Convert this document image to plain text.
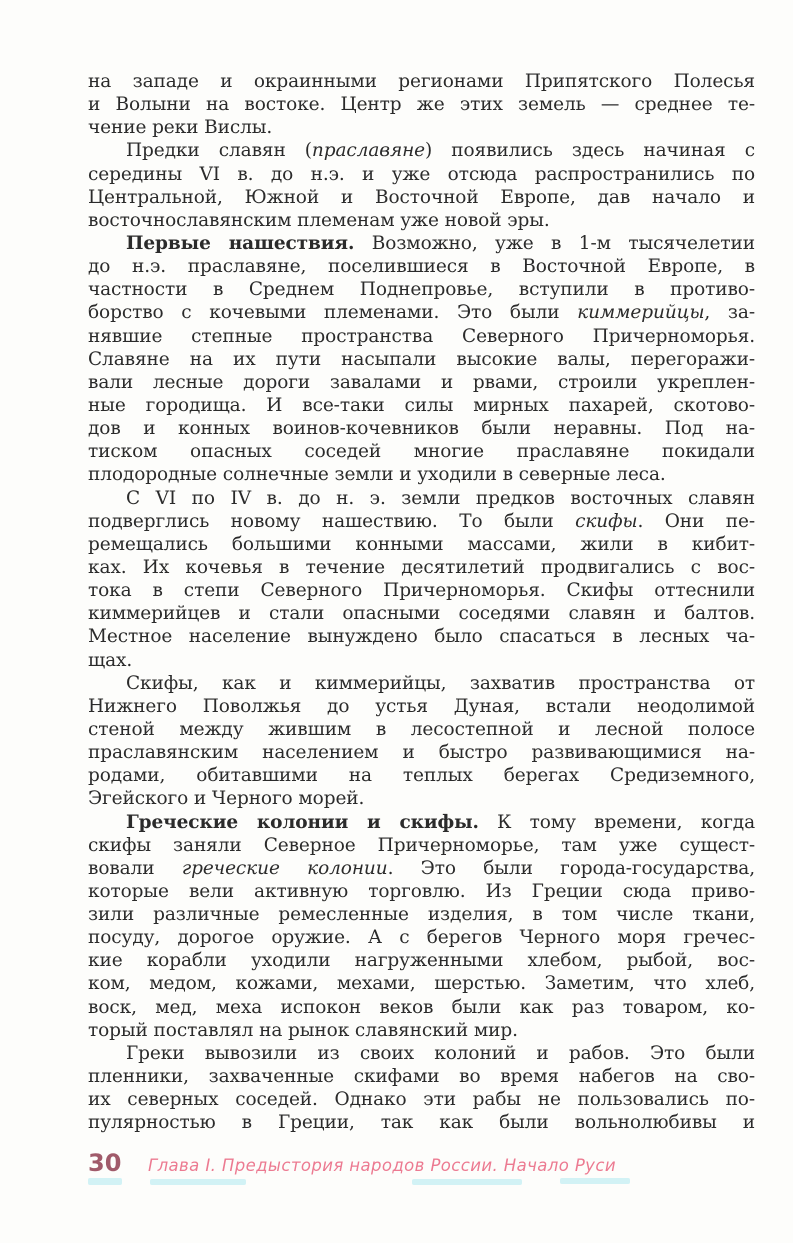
на западе и окраинными регионами Припятского Полесья
и Волыни на востоке. Центр же этих земель — среднее те-
чение реки Вислы.
Предки славян (праславяне) появились здесь начиная с
середины VI в. до н.э. и уже отсюда распространились по
Центральной, Южной и Восточной Европе, дав начало и
восточнославянским племенам уже новой эры.
Первые нашествия. Возможно, уже в 1-м тысячелетии
до н.э. праславяне, поселившиеся в Восточной Европе, в
частности в Среднем Поднепровье, вступили в противо-
борство с кочевыми племенами. Это были киммерийцы, за-
нявшие степные пространства Северного Причерноморья.
Славяне на их пути насыпали высокие валы, перегоражи-
вали лесные дороги завалами и рвами, строили укреплен-
ные городища. И все-таки силы мирных пахарей, скотово-
дов и конных воинов-кочевников были неравны. Под на-
тиском опасных соседей многие праславяне покидали
плодородные солнечные земли и уходили в северные леса.
С VI по IV в. до н. э. земли предков восточных славян
подверглись новому нашествию. То были скифы. Они пе-
ремещались большими конными массами, жили в кибит-
ках. Их кочевья в течение десятилетий продвигались с вос-
тока в степи Северного Причерноморья. Скифы оттеснили
киммерийцев и стали опасными соседями славян и балтов.
Местное население вынуждено было спасаться в лесных ча-
щах.
Скифы, как и киммерийцы, захватив пространства от
Нижнего Поволжья до устья Дуная, встали неодолимой
стеной между жившим в лесостепной и лесной полосе
праславянским населением и быстро развивающимися на-
родами, обитавшими на теплых берегах Средиземного,
Эгейского и Черного морей.
Греческие колонии и скифы. К тому времени, когда
скифы заняли Северное Причерноморье, там уже сущест-
вовали греческие колонии. Это были города-государства,
которые вели активную торговлю. Из Греции сюда приво-
зили различные ремесленные изделия, в том числе ткани,
посуду, дорогое оружие. А с берегов Черного моря гречес-
кие корабли уходили нагруженными хлебом, рыбой, вос-
ком, медом, кожами, мехами, шерстью. Заметим, что хлеб,
воск, мед, меха испокон веков были как раз товаром, ко-
торый поставлял на рынок славянский мир.
Греки вывозили из своих колоний и рабов. Это были
пленники, захваченные скифами во время набегов на сво-
их северных соседей. Однако эти рабы не пользовались по-
пулярностью в Греции, так как были вольнолюбивы и
30 Глава I. Предыстория народов России. Начало Руси
